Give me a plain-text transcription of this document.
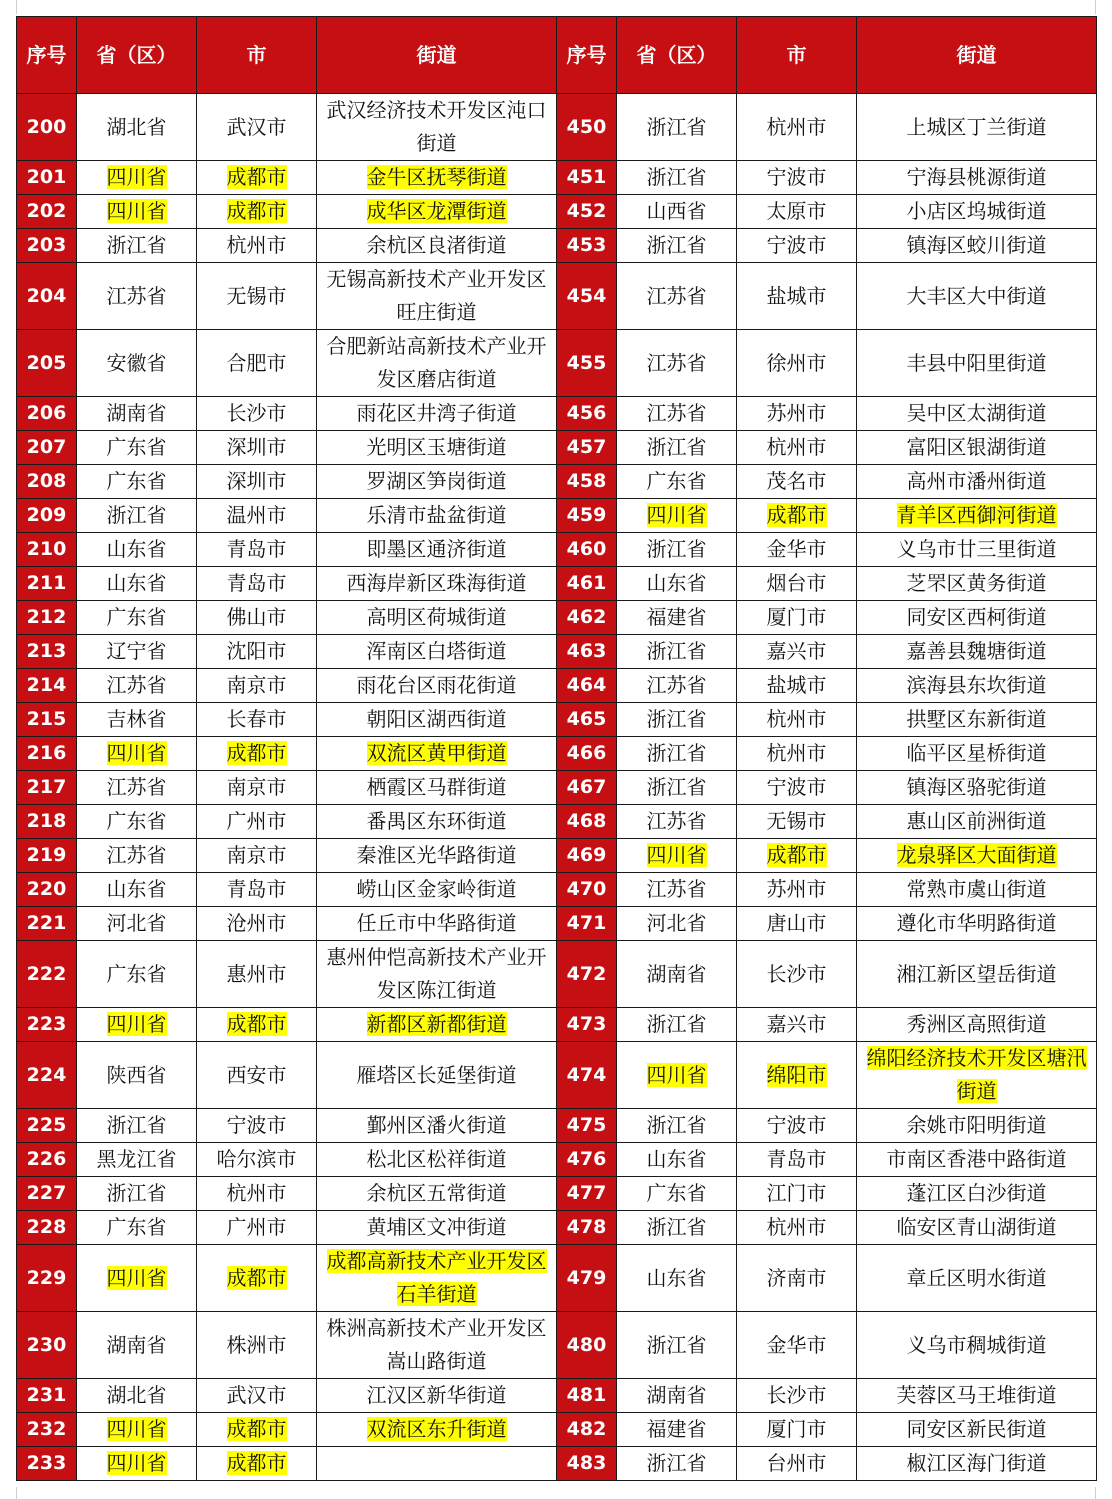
序号	省（区）	市	街道	序号	省（区）	市	街道
200	湖北省	武汉市	武汉经济技术开发区沌口街道	450	浙江省	杭州市	上城区丁兰街道
201	四川省	成都市	金牛区抚琴街道	451	浙江省	宁波市	宁海县桃源街道
202	四川省	成都市	成华区龙潭街道	452	山西省	太原市	小店区坞城街道
203	浙江省	杭州市	余杭区良渚街道	453	浙江省	宁波市	镇海区蛟川街道
204	江苏省	无锡市	无锡高新技术产业开发区旺庄街道	454	江苏省	盐城市	大丰区大中街道
205	安徽省	合肥市	合肥新站高新技术产业开发区磨店街道	455	江苏省	徐州市	丰县中阳里街道
206	湖南省	长沙市	雨花区井湾子街道	456	江苏省	苏州市	吴中区太湖街道
207	广东省	深圳市	光明区玉塘街道	457	浙江省	杭州市	富阳区银湖街道
208	广东省	深圳市	罗湖区笋岗街道	458	广东省	茂名市	高州市潘州街道
209	浙江省	温州市	乐清市盐盆街道	459	四川省	成都市	青羊区西御河街道
210	山东省	青岛市	即墨区通济街道	460	浙江省	金华市	义乌市廿三里街道
211	山东省	青岛市	西海岸新区珠海街道	461	山东省	烟台市	芝罘区黄务街道
212	广东省	佛山市	高明区荷城街道	462	福建省	厦门市	同安区西柯街道
213	辽宁省	沈阳市	浑南区白塔街道	463	浙江省	嘉兴市	嘉善县魏塘街道
214	江苏省	南京市	雨花台区雨花街道	464	江苏省	盐城市	滨海县东坎街道
215	吉林省	长春市	朝阳区湖西街道	465	浙江省	杭州市	拱墅区东新街道
216	四川省	成都市	双流区黄甲街道	466	浙江省	杭州市	临平区星桥街道
217	江苏省	南京市	栖霞区马群街道	467	浙江省	宁波市	镇海区骆驼街道
218	广东省	广州市	番禺区东环街道	468	江苏省	无锡市	惠山区前洲街道
219	江苏省	南京市	秦淮区光华路街道	469	四川省	成都市	龙泉驿区大面街道
220	山东省	青岛市	崂山区金家岭街道	470	江苏省	苏州市	常熟市虞山街道
221	河北省	沧州市	任丘市中华路街道	471	河北省	唐山市	遵化市华明路街道
222	广东省	惠州市	惠州仲恺高新技术产业开发区陈江街道	472	湖南省	长沙市	湘江新区望岳街道
223	四川省	成都市	新都区新都街道	473	浙江省	嘉兴市	秀洲区高照街道
224	陕西省	西安市	雁塔区长延堡街道	474	四川省	绵阳市	绵阳经济技术开发区塘汛街道
225	浙江省	宁波市	鄞州区潘火街道	475	浙江省	宁波市	余姚市阳明街道
226	黑龙江省	哈尔滨市	松北区松祥街道	476	山东省	青岛市	市南区香港中路街道
227	浙江省	杭州市	余杭区五常街道	477	广东省	江门市	蓬江区白沙街道
228	广东省	广州市	黄埔区文冲街道	478	浙江省	杭州市	临安区青山湖街道
229	四川省	成都市	成都高新技术产业开发区石羊街道	479	山东省	济南市	章丘区明水街道
230	湖南省	株洲市	株洲高新技术产业开发区嵩山路街道	480	浙江省	金华市	义乌市稠城街道
231	湖北省	武汉市	江汉区新华街道	481	湖南省	长沙市	芙蓉区马王堆街道
232	四川省	成都市	双流区东升街道	482	福建省	厦门市	同安区新民街道
233	四川省	成都市		483	浙江省	台州市	椒江区海门街道
